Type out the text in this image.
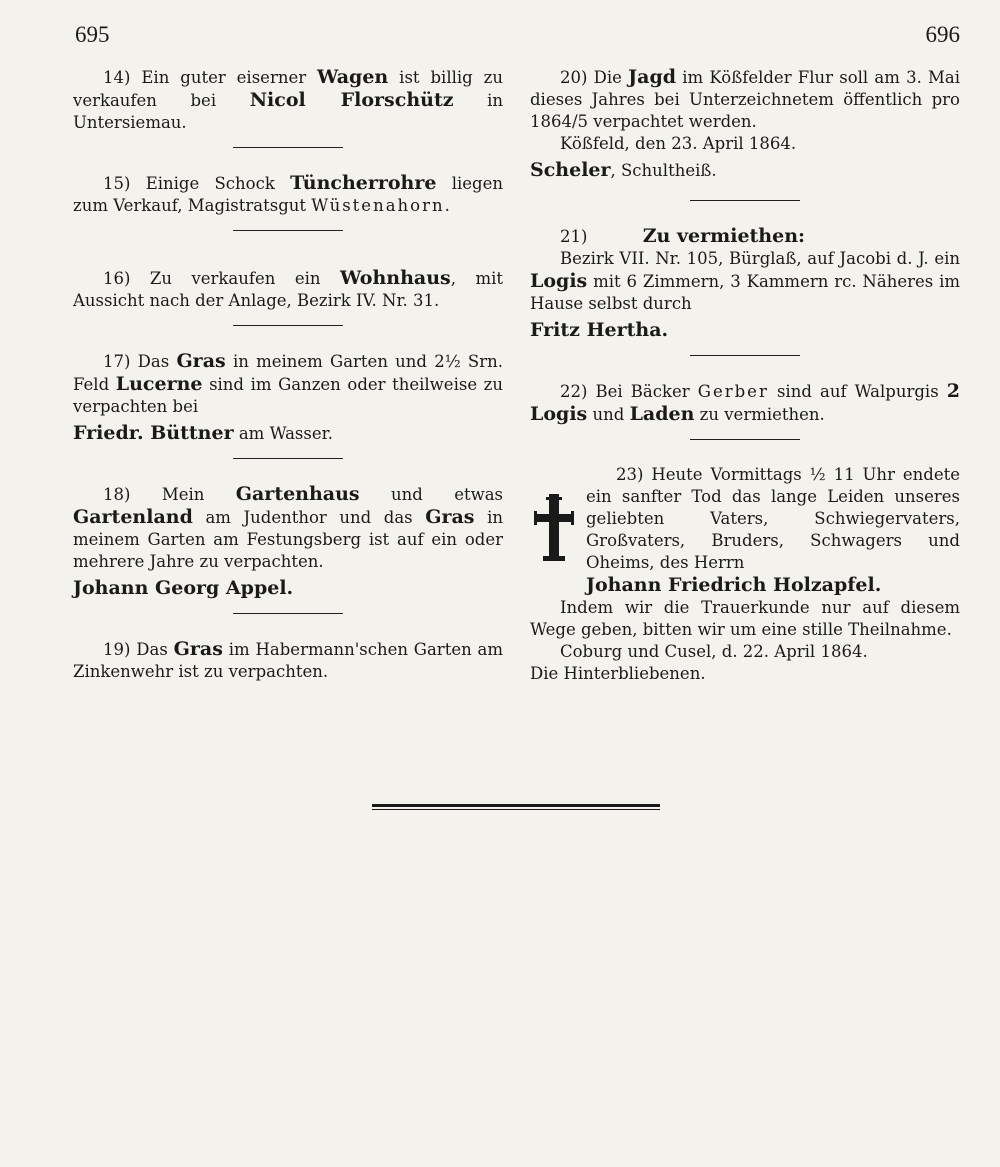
695	696

14) Ein guter eiserner Wagen ist billig zu verkaufen bei Nicol Florschütz in Untersiemau.

15) Einige Schock Tüncherrohre liegen zum Verkauf, Magistratsgut Wüstenahorn.

16) Zu verkaufen ein Wohnhaus, mit Aussicht nach der Anlage, Bezirk IV. Nr. 31.

17) Das Gras in meinem Garten und 2½ Srn. Feld Lucerne sind im Ganzen oder theilweise zu verpachten bei

Friedr. Büttner am Wasser.

18) Mein Gartenhaus und etwas Gartenland am Judenthor und das Gras in meinem Garten am Festungsberg ist auf ein oder mehrere Jahre zu verpachten.

Johann Georg Appel.

19) Das Gras im Habermann'schen Garten am Zinkenwehr ist zu verpachten.

20) Die Jagd im Kößfelder Flur soll am 3. Mai dieses Jahres bei Unterzeichnetem öffentlich pro 1864/5 verpachtet werden.

Kößfeld, den 23. April 1864.

Scheler, Schultheiß.

21)	Zu vermiethen:

Bezirk VII. Nr. 105, Bürglaß, auf Jacobi d. J. ein Logis mit 6 Zimmern, 3 Kammern rc. Näheres im Hause selbst durch

Fritz Hertha.

22) Bei Bäcker Gerber sind auf Walpurgis 2 Logis und Laden zu vermiethen.

23) Heute Vormittags ½ 11 Uhr endete ein sanfter Tod das lange Leiden unseres geliebten Vaters, Schwiegervaters, Großvaters, Bruders, Schwagers und Oheims, des Herrn

Johann Friedrich Holzapfel.

Indem wir die Trauerkunde nur auf diesem Wege geben, bitten wir um eine stille Theilnahme.

Coburg und Cusel, d. 22. April 1864.

Die Hinterbliebenen.
